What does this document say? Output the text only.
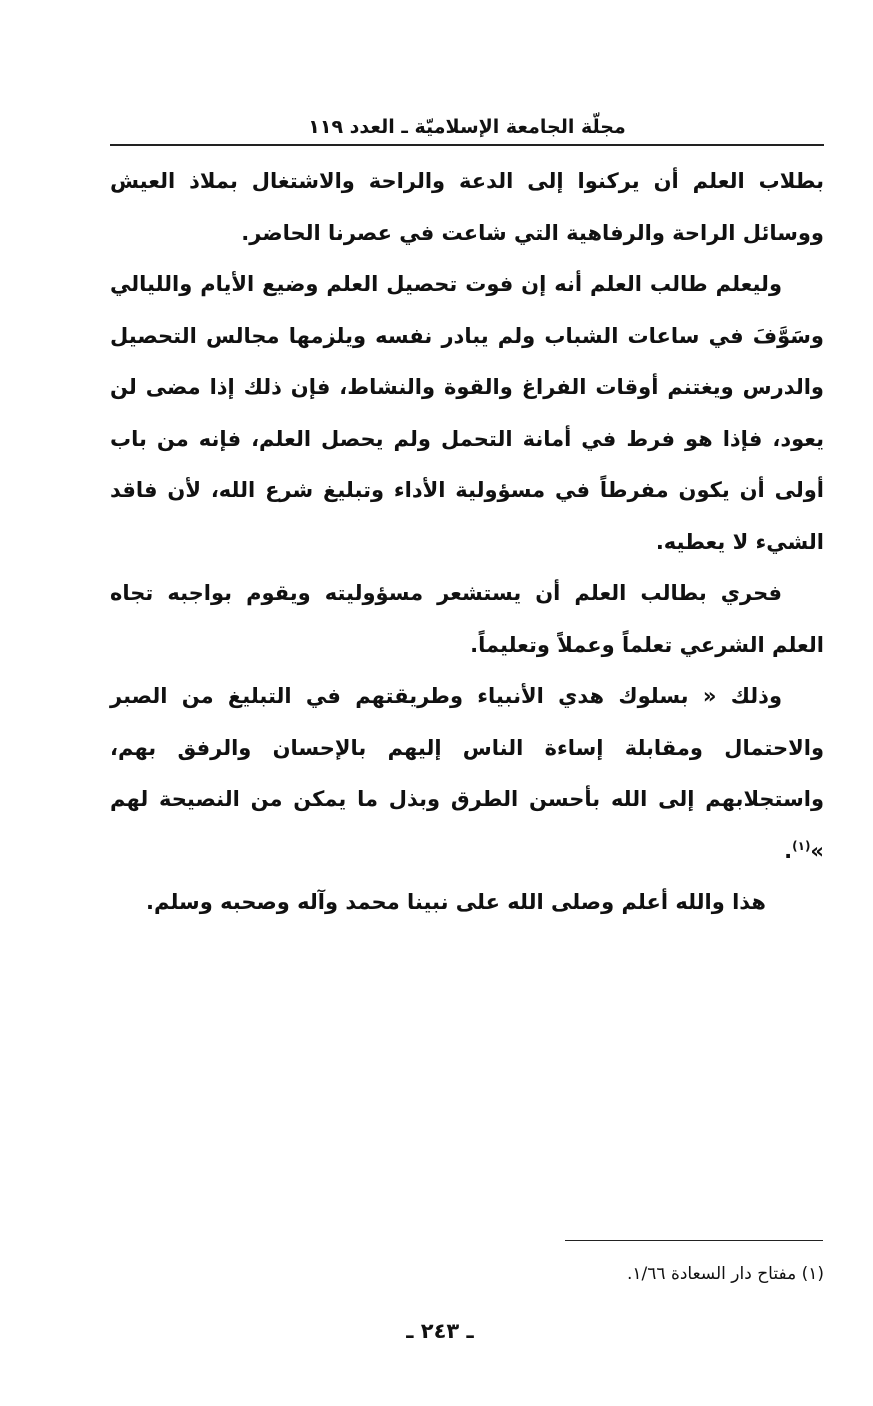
مجلّة الجامعة الإسلاميّة ـ العدد ١١٩

بطلاب العلم أن يركنوا إلى الدعة والراحة والاشتغال بملاذ العيش ووسائل الراحة والرفاهية التي شاعت في عصرنا الحاضر.

وليعلم طالب العلم أنه إن فوت تحصيل العلم وضيع الأيام والليالي وسَوَّفَ في ساعات الشباب ولم يبادر نفسه ويلزمها مجالس التحصيل والدرس ويغتنم أوقات الفراغ والقوة والنشاط، فإن ذلك إذا مضى لن يعود، فإذا هو فرط في أمانة التحمل ولم يحصل العلم، فإنه من باب أولى أن يكون مفرطاً في مسؤولية الأداء وتبليغ شرع الله، لأن فاقد الشيء لا يعطيه.

فحري بطالب العلم أن يستشعر مسؤوليته ويقوم بواجبه تجاه العلم الشرعي تعلماً وعملاً وتعليماً.

وذلك « بسلوك هدي الأنبياء وطريقتهم في التبليغ من الصبر والاحتمال ومقابلة إساءة الناس إليهم بالإحسان والرفق بهم، واستجلابهم إلى الله بأحسن الطرق وبذل ما يمكن من النصيحة لهم »$^{(١)}$.

هذا والله أعلم وصلى الله على نبينا محمد وآله وصحبه وسلم.

(١) مفتاح دار السعادة ١/٦٦.
ـ ٢٤٣ ـ
